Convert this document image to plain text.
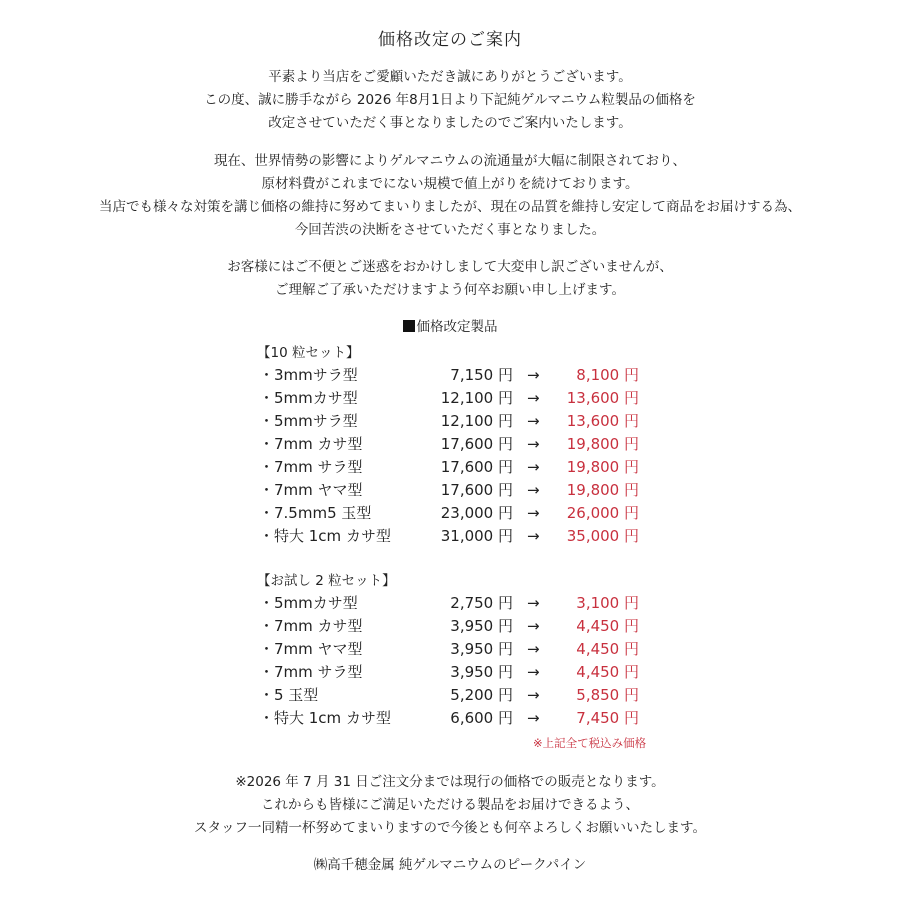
価格改定のご案内
平素より当店をご愛顧いただき誠にありがとうございます。
この度、誠に勝手ながら 2026 年8月1日より下記純ゲルマニウム粒製品の価格を
改定させていただく事となりましたのでご案内いたします。
現在、世界情勢の影響によりゲルマニウムの流通量が大幅に制限されており、
原材料費がこれまでにない規模で値上がりを続けております。
当店でも様々な対策を講じ価格の維持に努めてまいりましたが、現在の品質を維持し安定して商品をお届けする為、
今回苦渋の決断をさせていただく事となりました。
お客様にはご不便とご迷惑をおかけしまして大変申し訳ございませんが、
ご理解ご了承いただけますよう何卒お願い申し上げます。
価格改定製品
【10 粒セット】
・3mmサラ型	7,150 円 → 8,100 円
・5mmカサ型	12,100 円 → 13,600 円
・5mmサラ型	12,100 円 → 13,600 円
・7mm カサ型	17,600 円 → 19,800 円
・7mm サラ型	17,600 円 → 19,800 円
・7mm ヤマ型	17,600 円 → 19,800 円
・7.5mm5 玉型	23,000 円 → 26,000 円
・特大 1cm カサ型	31,000 円 → 35,000 円
【お試し 2 粒セット】
・5mmカサ型	2,750 円 → 3,100 円
・7mm カサ型	3,950 円 → 4,450 円
・7mm ヤマ型	3,950 円 → 4,450 円
・7mm サラ型	3,950 円 → 4,450 円
・5 玉型	5,200 円 → 5,850 円
・特大 1cm カサ型	6,600 円 → 7,450 円
※上記全て税込み価格
※2026 年 7 月 31 日ご注文分までは現行の価格での販売となります。
これからも皆様にご満足いただける製品をお届けできるよう、
スタッフ一同精一杯努めてまいりますので今後とも何卒よろしくお願いいたします。
㈱高千穂金属 純ゲルマニウムのピークパイン
